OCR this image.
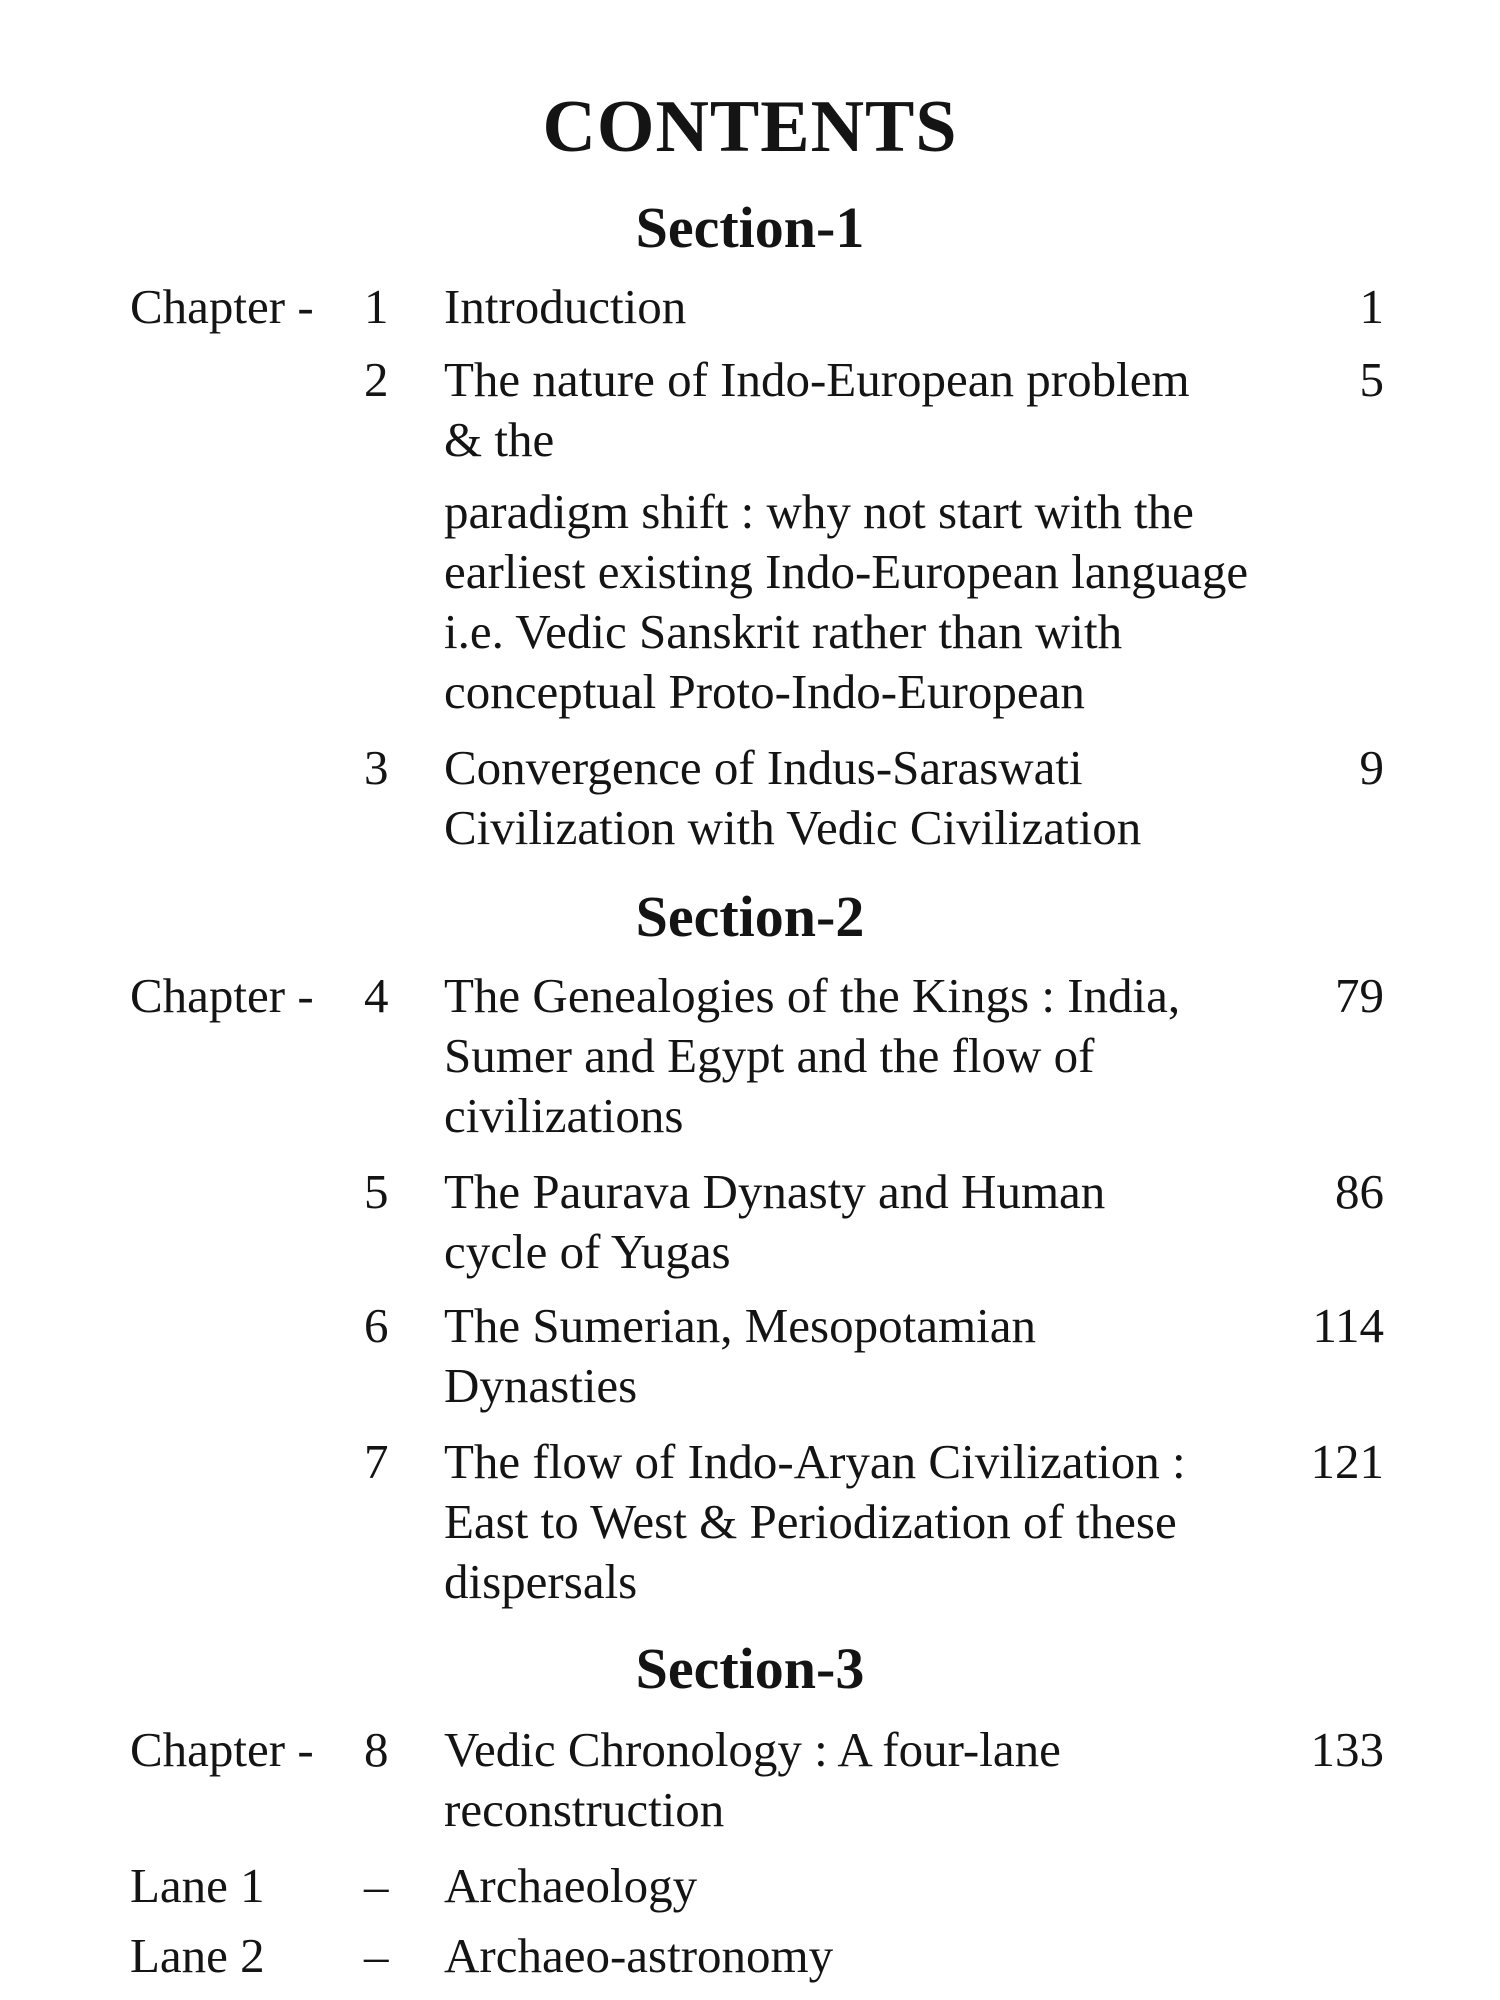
CONTENTS
Section-1
Chapter - 1 Introduction	1
2 The nature of Indo-European problem
& the
paradigm shift : why not start with the
earliest existing Indo-European language
i.e. Vedic Sanskrit rather than with
conceptual Proto-Indo-European
5
3 Convergence of Indus-Saraswati
Civilization with Vedic Civilization
9
Section-2
Chapter - 4 The Genealogies of the Kings : India,
Sumer and Egypt and the flow of
civilizations
79
5 The Paurava Dynasty and Human
cycle of Yugas
86
6 The Sumerian, Mesopotamian
Dynasties
114
7 The flow of Indo-Aryan Civilization :
East to West & Periodization of these
dispersals
121
Section-3
Chapter - 8 Vedic Chronology : A four-lane
reconstruction
133
Lane 1 – Archaeology
Lane 2 – Archaeo-astronomy
